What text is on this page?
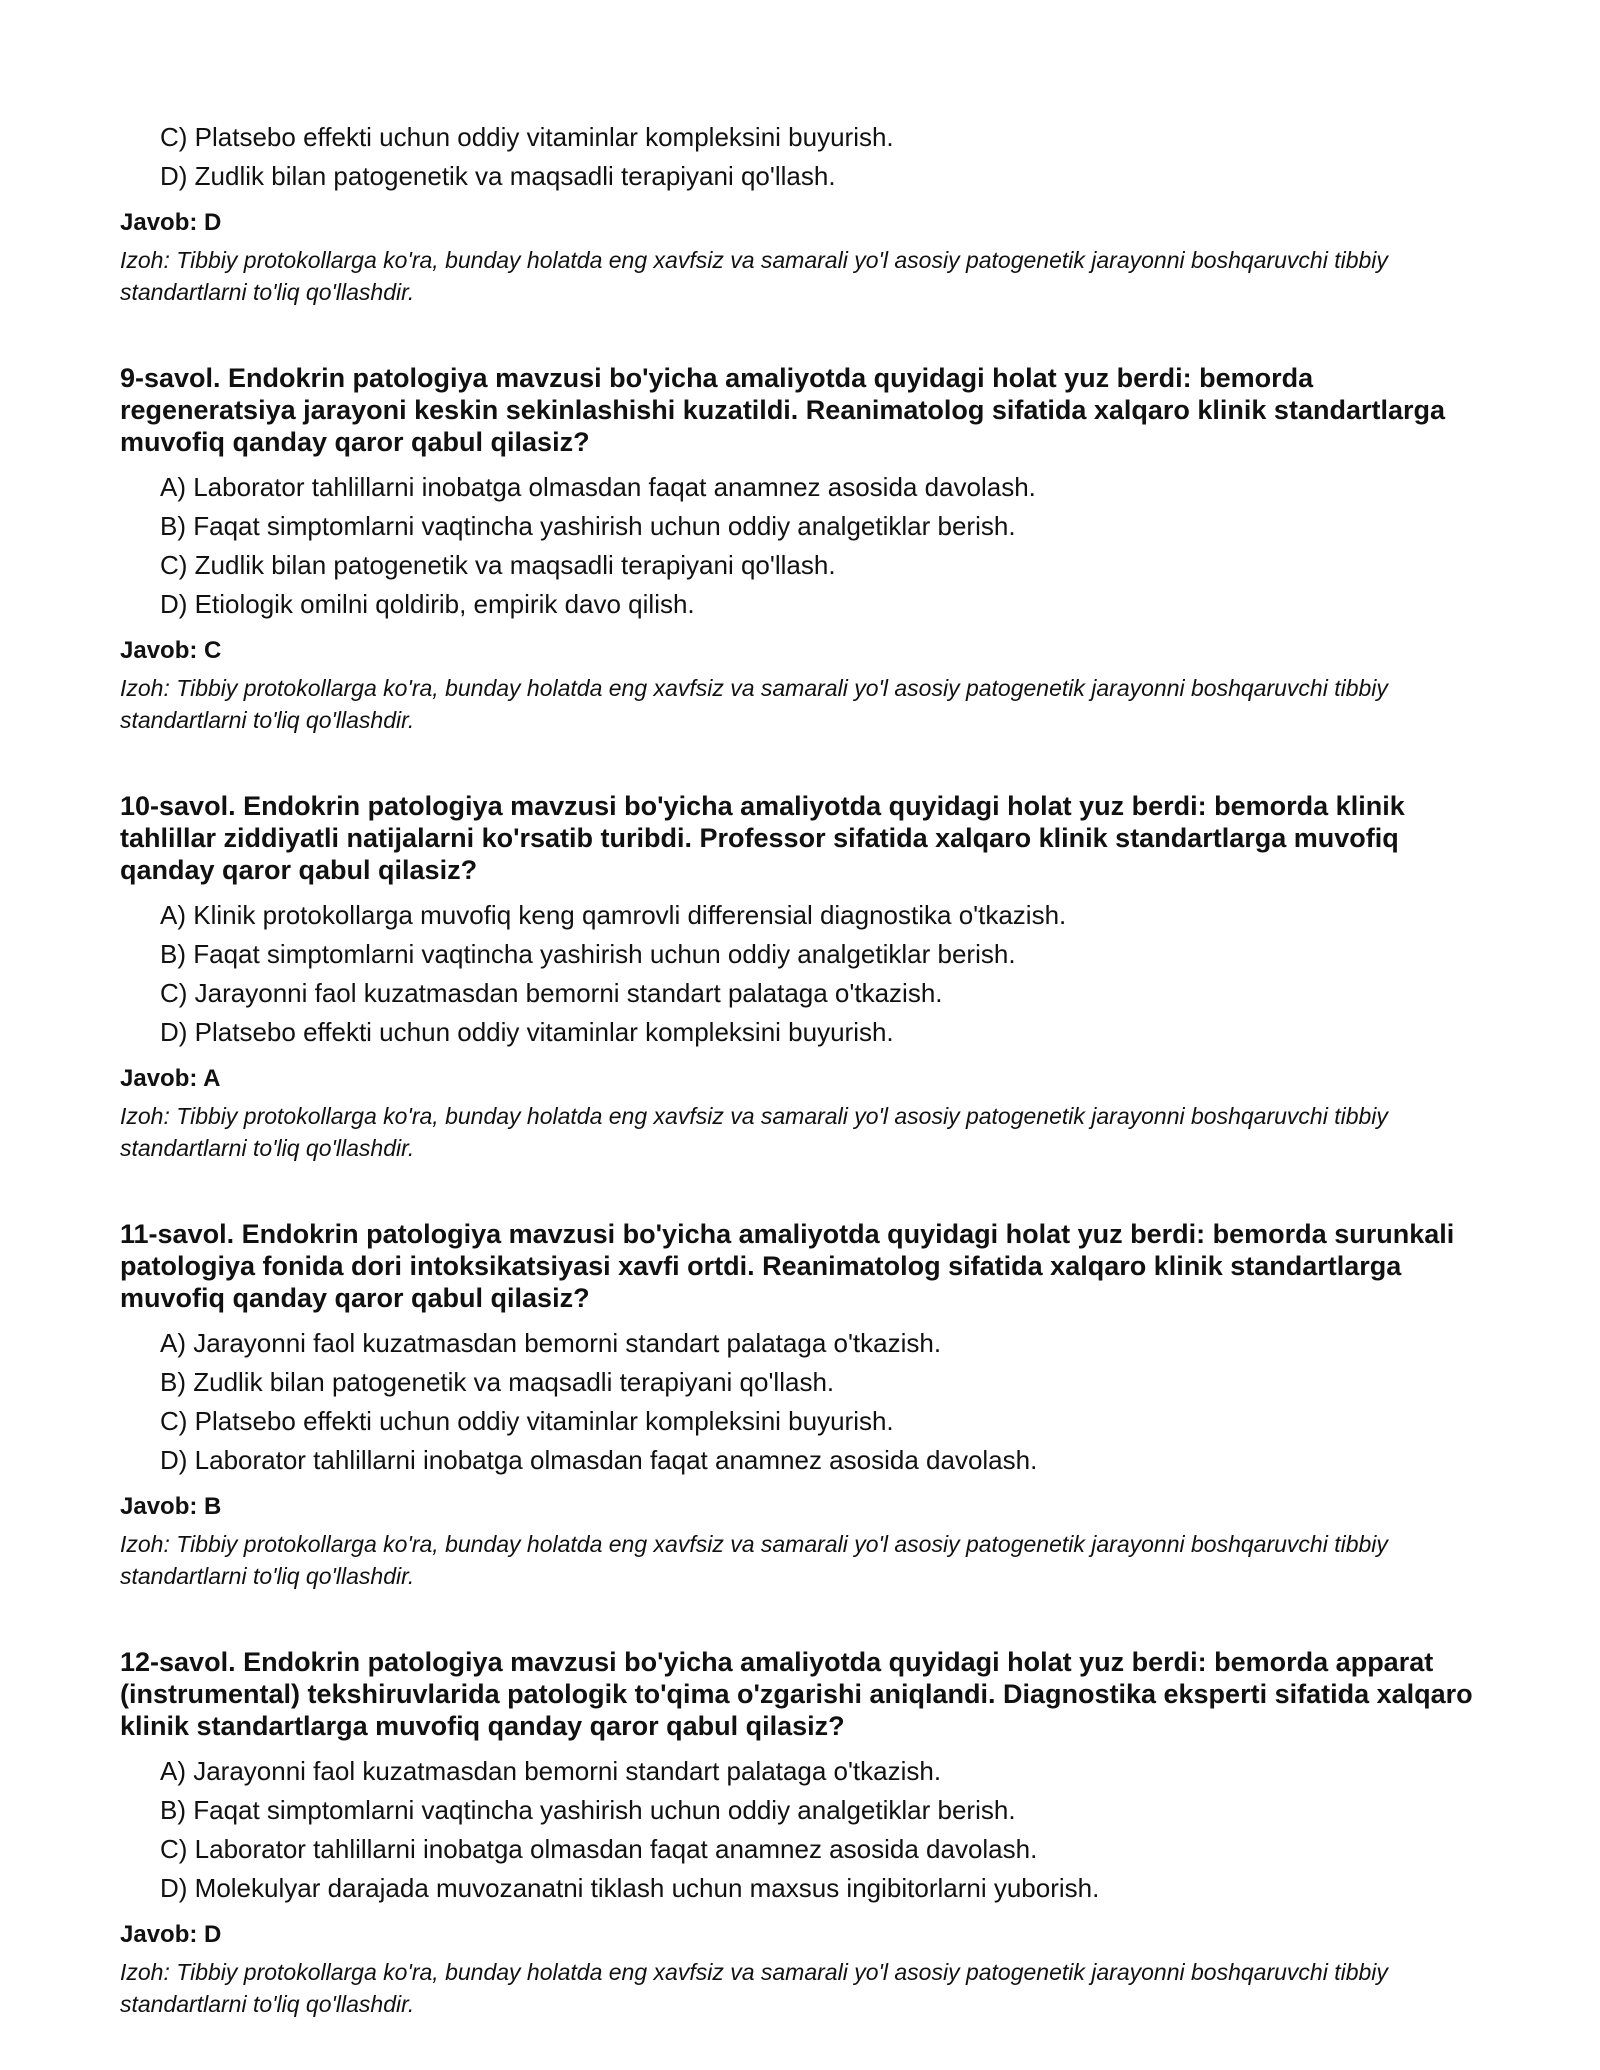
C) Platsebo effekti uchun oddiy vitaminlar kompleksini buyurish.

D) Zudlik bilan patogenetik va maqsadli terapiyani qo'llash.

Javob: D

Izoh: Tibbiy protokollarga ko'ra, bunday holatda eng xavfsiz va samarali yo'l asosiy patogenetik jarayonni boshqaruvchi tibbiy standartlarni to'liq qo'llashdir.

9-savol. Endokrin patologiya mavzusi bo'yicha amaliyotda quyidagi holat yuz berdi: bemorda regeneratsiya jarayoni keskin sekinlashishi kuzatildi. Reanimatolog sifatida xalqaro klinik standartlarga muvofiq qanday qaror qabul qilasiz?

A) Laborator tahlillarni inobatga olmasdan faqat anamnez asosida davolash.

B) Faqat simptomlarni vaqtincha yashirish uchun oddiy analgetiklar berish.

C) Zudlik bilan patogenetik va maqsadli terapiyani qo'llash.

D) Etiologik omilni qoldirib, empirik davo qilish.

Javob: C

Izoh: Tibbiy protokollarga ko'ra, bunday holatda eng xavfsiz va samarali yo'l asosiy patogenetik jarayonni boshqaruvchi tibbiy standartlarni to'liq qo'llashdir.

10-savol. Endokrin patologiya mavzusi bo'yicha amaliyotda quyidagi holat yuz berdi: bemorda klinik tahlillar ziddiyatli natijalarni ko'rsatib turibdi. Professor sifatida xalqaro klinik standartlarga muvofiq qanday qaror qabul qilasiz?

A) Klinik protokollarga muvofiq keng qamrovli differensial diagnostika o'tkazish.

B) Faqat simptomlarni vaqtincha yashirish uchun oddiy analgetiklar berish.

C) Jarayonni faol kuzatmasdan bemorni standart palataga o'tkazish.

D) Platsebo effekti uchun oddiy vitaminlar kompleksini buyurish.

Javob: A

Izoh: Tibbiy protokollarga ko'ra, bunday holatda eng xavfsiz va samarali yo'l asosiy patogenetik jarayonni boshqaruvchi tibbiy standartlarni to'liq qo'llashdir.

11-savol. Endokrin patologiya mavzusi bo'yicha amaliyotda quyidagi holat yuz berdi: bemorda surunkali patologiya fonida dori intoksikatsiyasi xavfi ortdi. Reanimatolog sifatida xalqaro klinik standartlarga muvofiq qanday qaror qabul qilasiz?

A) Jarayonni faol kuzatmasdan bemorni standart palataga o'tkazish.

B) Zudlik bilan patogenetik va maqsadli terapiyani qo'llash.

C) Platsebo effekti uchun oddiy vitaminlar kompleksini buyurish.

D) Laborator tahlillarni inobatga olmasdan faqat anamnez asosida davolash.

Javob: B

Izoh: Tibbiy protokollarga ko'ra, bunday holatda eng xavfsiz va samarali yo'l asosiy patogenetik jarayonni boshqaruvchi tibbiy standartlarni to'liq qo'llashdir.

12-savol. Endokrin patologiya mavzusi bo'yicha amaliyotda quyidagi holat yuz berdi: bemorda apparat (instrumental) tekshiruvlarida patologik to'qima o'zgarishi aniqlandi. Diagnostika eksperti sifatida xalqaro klinik standartlarga muvofiq qanday qaror qabul qilasiz?

A) Jarayonni faol kuzatmasdan bemorni standart palataga o'tkazish.

B) Faqat simptomlarni vaqtincha yashirish uchun oddiy analgetiklar berish.

C) Laborator tahlillarni inobatga olmasdan faqat anamnez asosida davolash.

D) Molekulyar darajada muvozanatni tiklash uchun maxsus ingibitorlarni yuborish.

Javob: D

Izoh: Tibbiy protokollarga ko'ra, bunday holatda eng xavfsiz va samarali yo'l asosiy patogenetik jarayonni boshqaruvchi tibbiy standartlarni to'liq qo'llashdir.
